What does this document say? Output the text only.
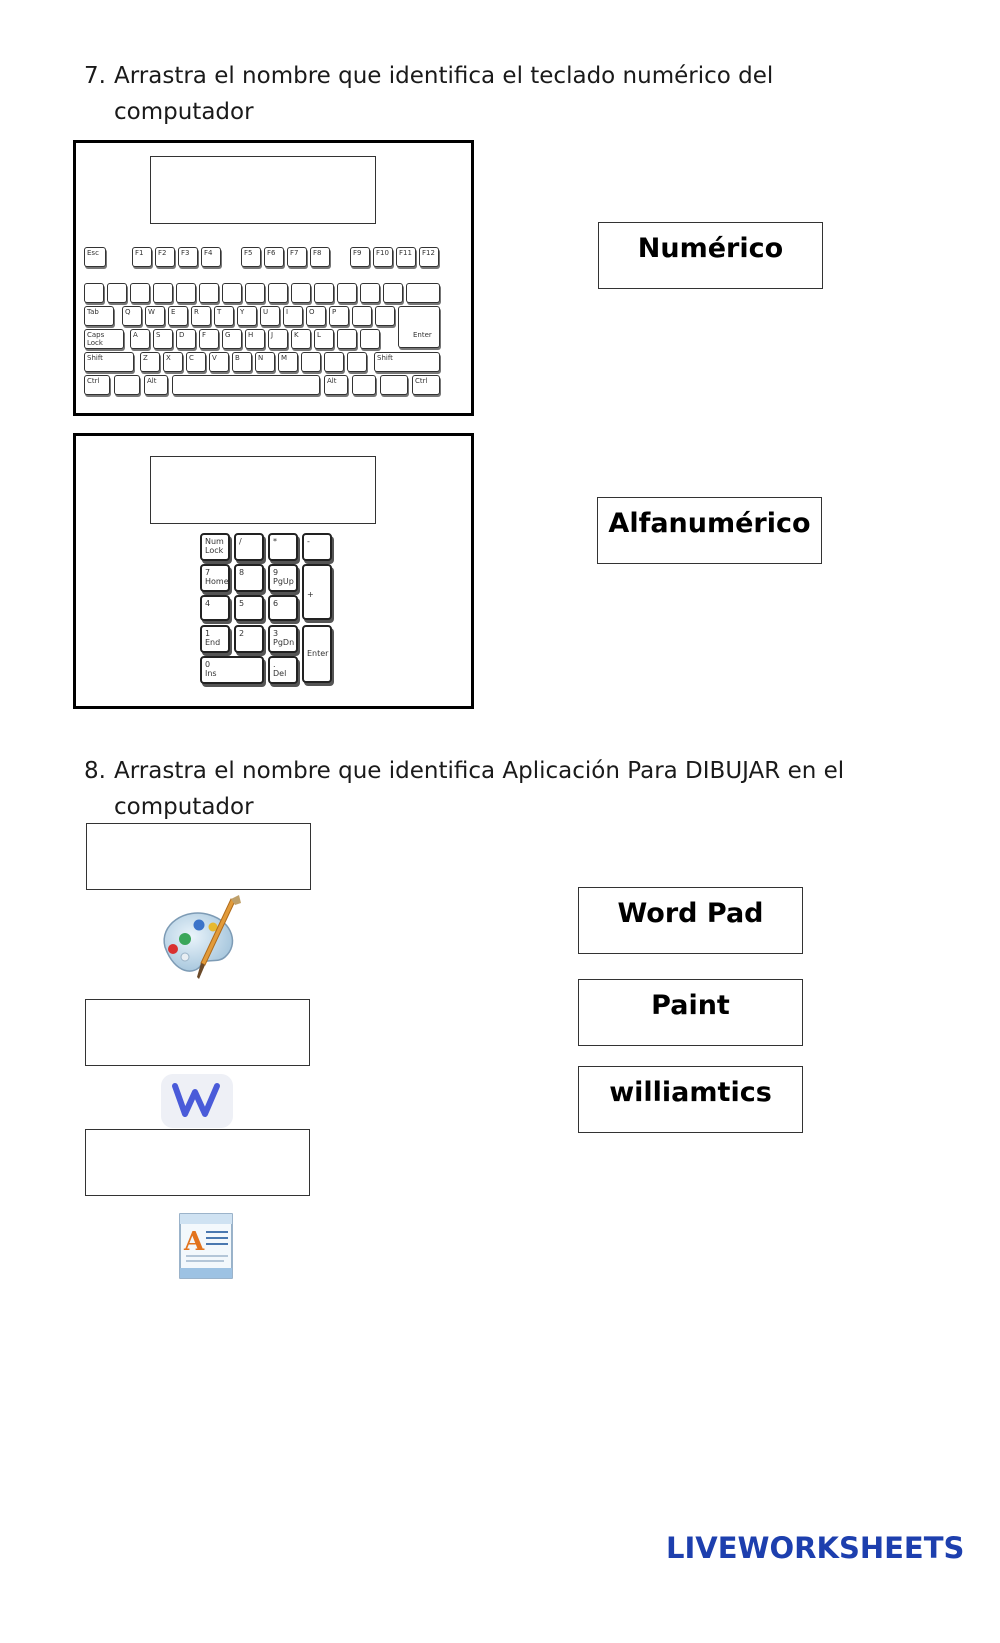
7. Arrastra el nombre que identifica el teclado numérico del
computador
Esc	F1	F2	F3	F4	F5	F6	F7	F8	F9	F10	F11	F12
Tab	Q	W	E	R	T	Y	U	I	O	P
Enter
Caps Lock
A	S	D	F	G	H	J	K	L
Shift	Z	X	C	V	B	N	M	Shift
Ctrl	Alt	Alt	Ctrl
Num Lock
/	*	-
7
Home
8	9
PgUp
+
4	5	6
1
End
2	3
PgDn
Enter
0
Ins
.
Del
Numérico
Alfanumérico
8. Arrastra el nombre que identifica Aplicación Para DIBUJAR en el
computador
A
Word Pad
Paint
williamtics
LIVEWORKSHEETS
